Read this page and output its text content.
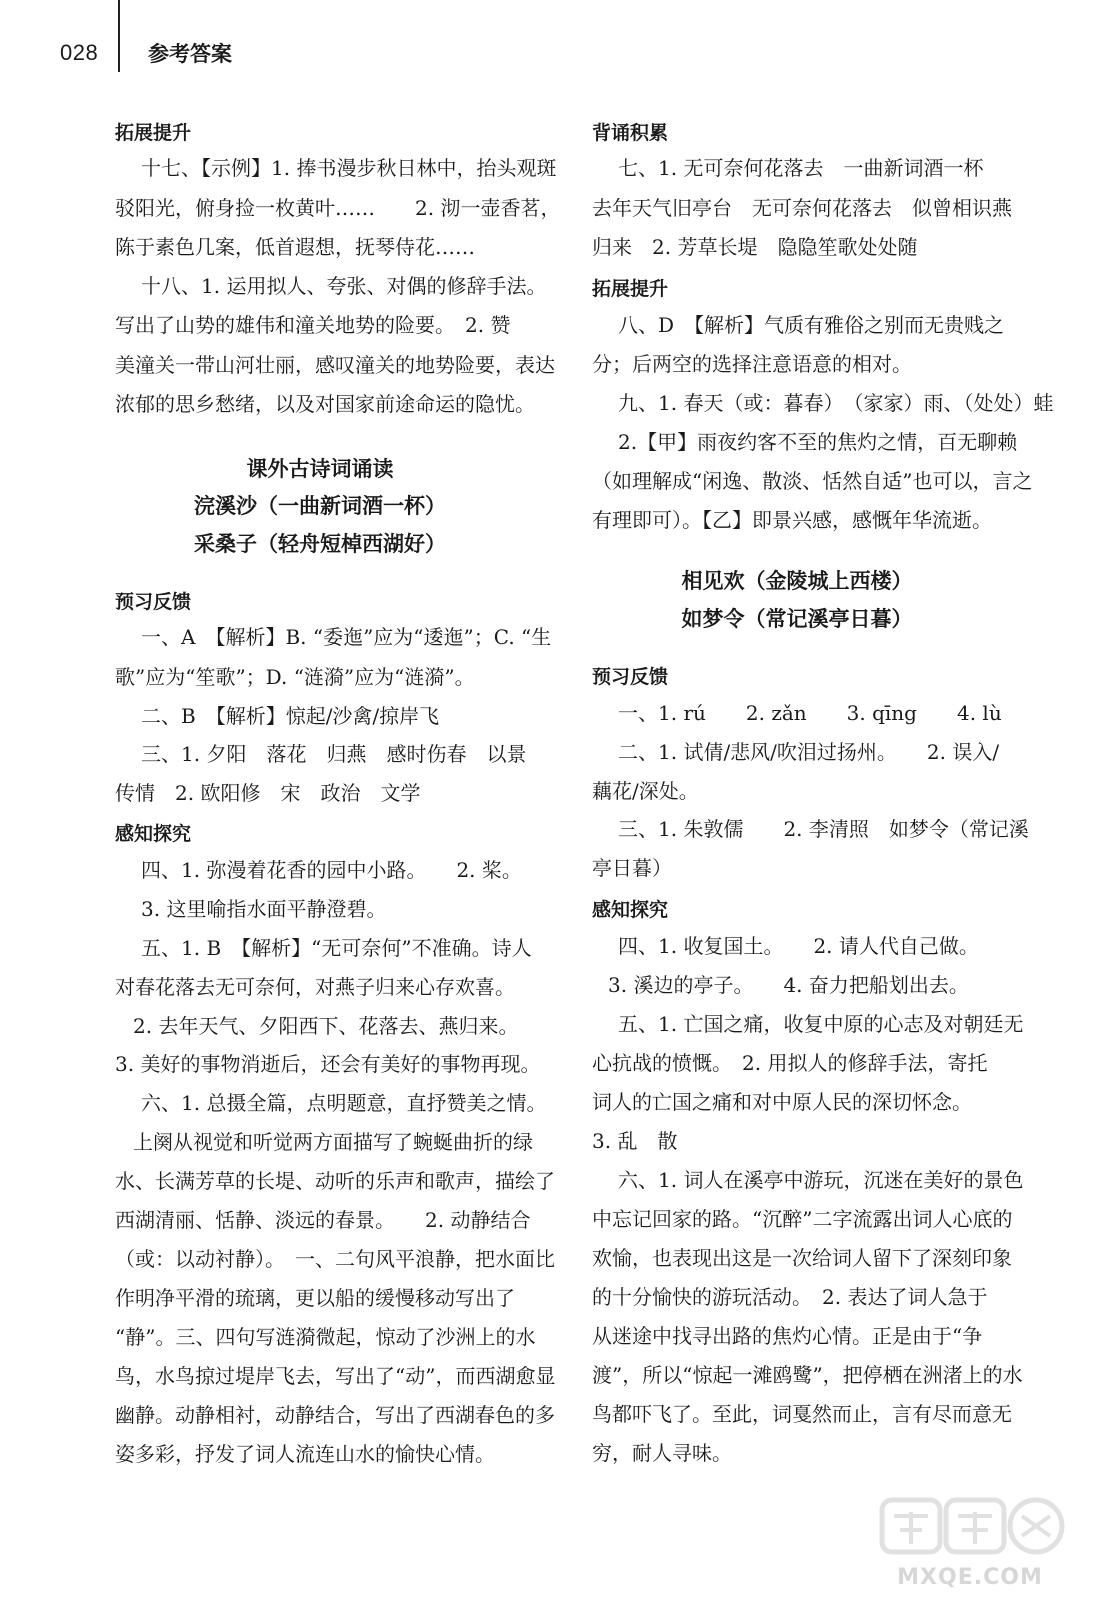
028 参考答案
拓展提升
十七、【示例】1. 捧书漫步秋日林中，抬头观斑
驳阳光，俯身捡一枚黄叶……　　2. 沏一壶香茗，
陈于素色几案，低首遐想，抚琴侍花……
十八、1. 运用拟人、夸张、对偶的修辞手法。
写出了山势的雄伟和潼关地势的险要。　2. 赞
美潼关一带山河壮丽，感叹潼关的地势险要，表达
浓郁的思乡愁绪，以及对国家前途命运的隐忧。
课外古诗词诵读
浣溪沙（一曲新词酒一杯）
采桑子（轻舟短棹西湖好）
预习反馈
一、A　【解析】B. “委迤”应为“逶迤”；C. “生
歌”应为“笙歌”；D. “涟漪”应为“涟漪”。
二、B　【解析】惊起/沙禽/掠岸飞
三、1. 夕阳　落花　归燕　感时伤春　以景
传情　2. 欧阳修　宋　政治　文学
感知探究
四、1. 弥漫着花香的园中小路。　　2. 桨。
3. 这里喻指水面平静澄碧。
五、1. B　【解析】“无可奈何”不准确。诗人
对春花落去无可奈何，对燕子归来心存欢喜。
2. 去年天气、夕阳西下、花落去、燕归来。
3. 美好的事物消逝后，还会有美好的事物再现。
六、1. 总摄全篇，点明题意，直抒赞美之情。
上阕从视觉和听觉两方面描写了蜿蜒曲折的绿
水、长满芳草的长堤、动听的乐声和歌声，描绘了
西湖清丽、恬静、淡远的春景。　　2. 动静结合
（或：以动衬静）。　一、二句风平浪静，把水面比
作明净平滑的琉璃，更以船的缓慢移动写出了
“静”。三、四句写涟漪微起，惊动了沙洲上的水
鸟，水鸟掠过堤岸飞去，写出了“动”，而西湖愈显
幽静。动静相衬，动静结合，写出了西湖春色的多
姿多彩，抒发了词人流连山水的愉快心情。
背诵积累
七、1. 无可奈何花落去　一曲新词酒一杯
去年天气旧亭台　无可奈何花落去　似曾相识燕
归来　2. 芳草长堤　隐隐笙歌处处随
拓展提升
八、D　【解析】气质有雅俗之别而无贵贱之
分；后两空的选择注意语意的相对。
九、1. 春天（或：暮春）　（家家）雨、（处处）蛙
2.【甲】雨夜约客不至的焦灼之情，百无聊赖
（如理解成“闲逸、散淡、恬然自适”也可以，言之
有理即可）。【乙】即景兴感，感慨年华流逝。
相见欢（金陵城上西楼）
如梦令（常记溪亭日暮）
预习反馈
一、1. rú　　2. zǎn　　3. qīng　　4. lù
二、1. 试倩/悲风/吹泪过扬州。　　2. 误入/
藕花/深处。
三、1. 朱敦儒　　2. 李清照　如梦令（常记溪
亭日暮）
感知探究
四、1. 收复国土。　　2. 请人代自己做。
3. 溪边的亭子。　　4. 奋力把船划出去。
五、1. 亡国之痛，收复中原的心志及对朝廷无
心抗战的愤慨。　2. 用拟人的修辞手法，寄托
词人的亡国之痛和对中原人民的深切怀念。
3. 乱　散
六、1. 词人在溪亭中游玩，沉迷在美好的景色
中忘记回家的路。“沉醉”二字流露出词人心底的
欢愉，也表现出这是一次给词人留下了深刻印象
的十分愉快的游玩活动。　2. 表达了词人急于
从迷途中找寻出路的焦灼心情。正是由于“争
渡”，所以“惊起一滩鸥鹭”，把停栖在洲渚上的水
鸟都吓飞了。至此，词戛然而止，言有尽而意无
穷，耐人寻味。
MXQE.COM
